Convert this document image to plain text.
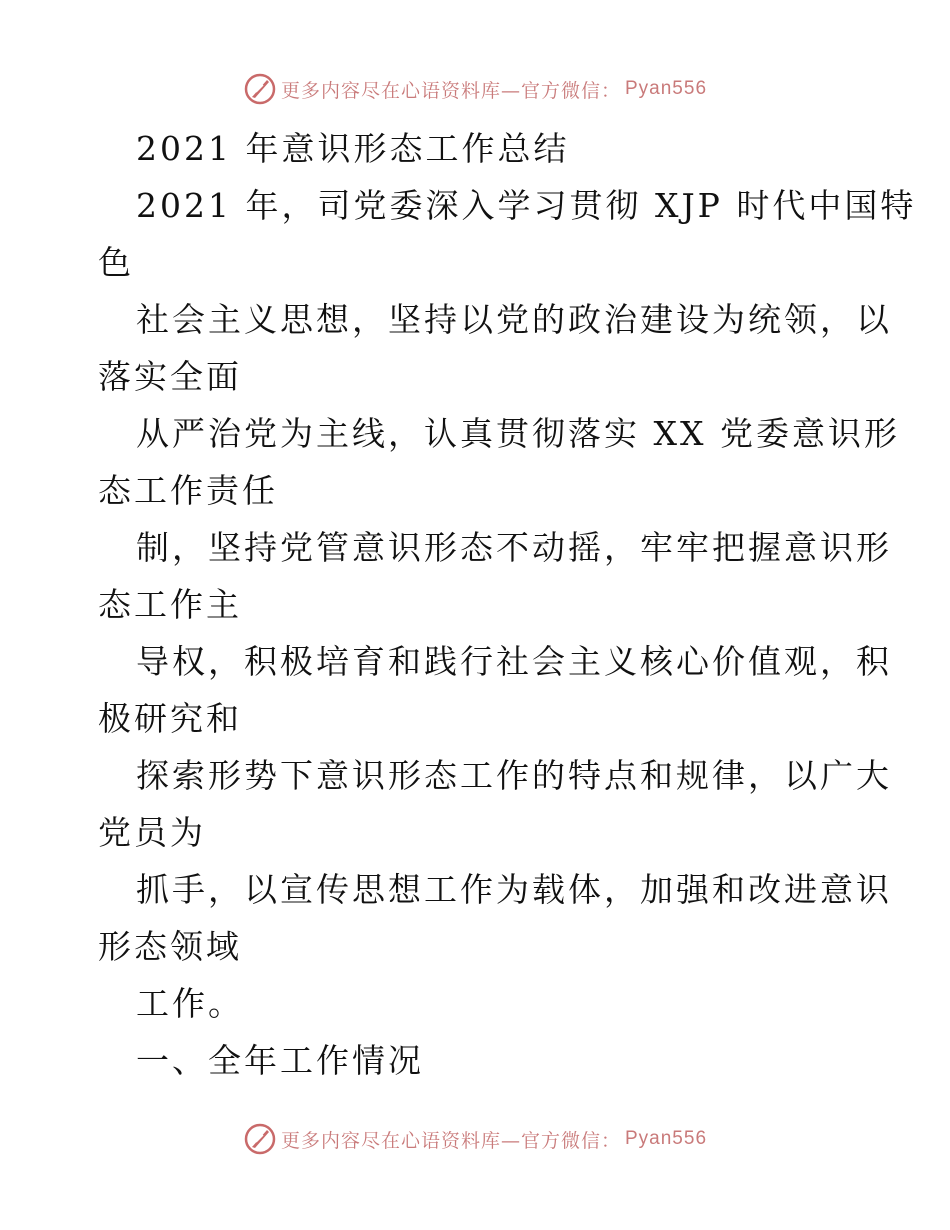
更多内容尽在心语资料库—官方微信： Pyan556
2021 年意识形态工作总结
2021 年，司党委深入学习贯彻 XJP 时代中国特
色
社会主义思想，坚持以党的政治建设为统领，以
落实全面
从严治党为主线，认真贯彻落实 XX 党委意识形
态工作责任
制，坚持党管意识形态不动摇，牢牢把握意识形
态工作主
导权，积极培育和践行社会主义核心价值观，积
极研究和
探索形势下意识形态工作的特点和规律，以广大
党员为
抓手，以宣传思想工作为载体，加强和改进意识
形态领域
工作。
一、全年工作情况
更多内容尽在心语资料库—官方微信： Pyan556
